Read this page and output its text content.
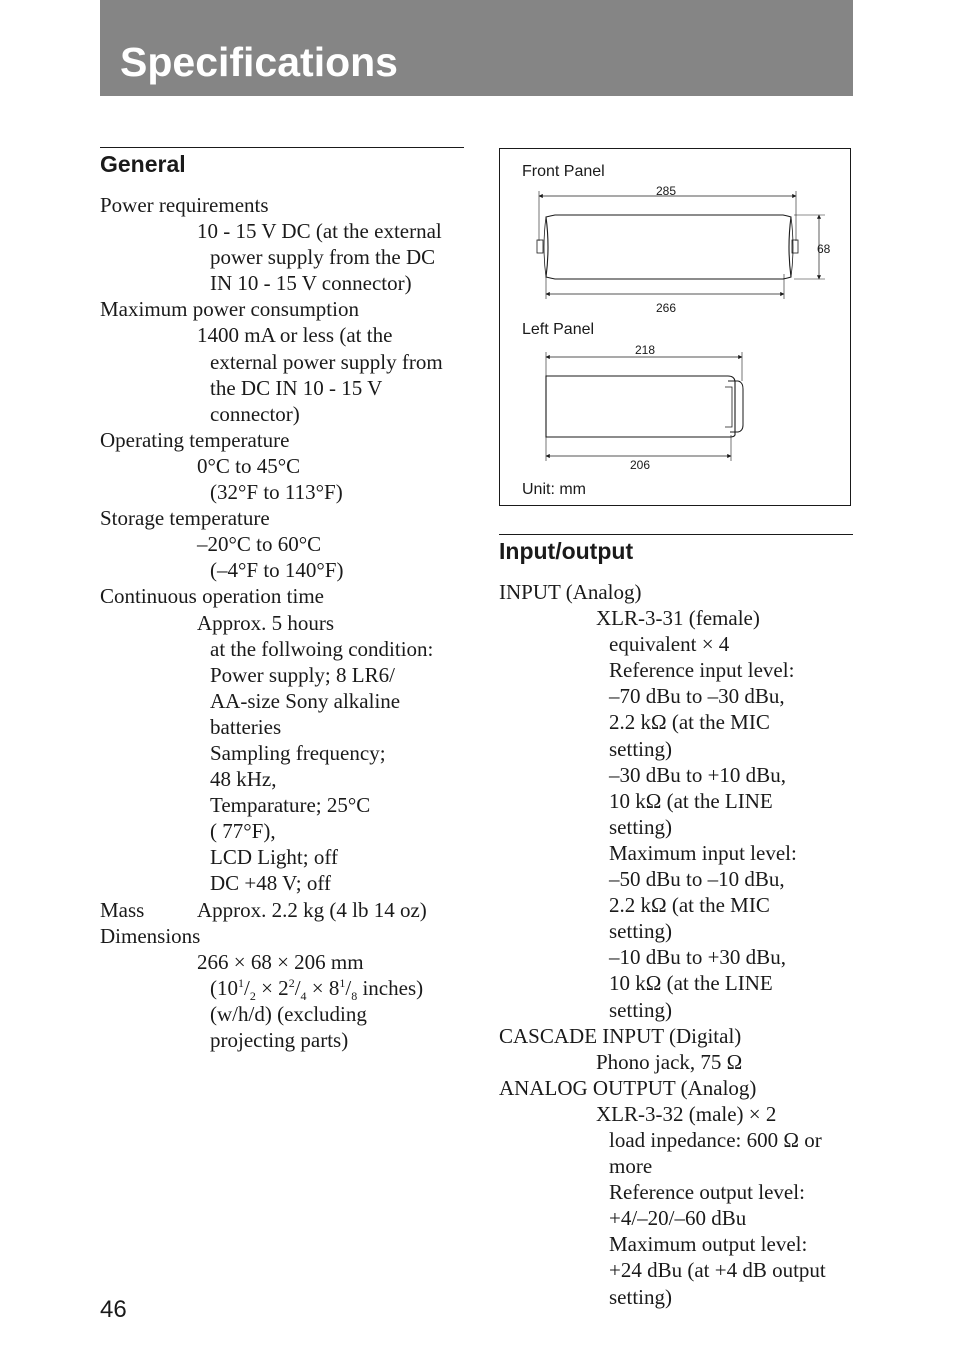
Specifications
General
Power requirements
10 - 15 V DC (at the external
power supply from the DC
IN 10 - 15 V connector)
Maximum power consumption
1400 mA or less (at the
external power supply from
the DC IN 10 - 15 V
connector)
Operating temperature
0°C to 45°C
(32°F to 113°F)
Storage temperature
–20°C to 60°C
(–4°F to 140°F)
Continuous operation time
Approx. 5 hours
at the follwoing condition:
Power supply; 8 LR6/
AA-size Sony alkaline
batteries
Sampling frequency;
48 kHz,
Temparature; 25°C
( 77°F),
LCD Light; off
DC +48 V; off
Mass	Approx. 2.2 kg (4 lb 14 oz)
Dimensions
266 × 68 × 206 mm
($10^1/_2 \times 2^2/_4 \times 8^1/_8$ inches)
(w/h/d) (excluding
projecting parts)
Front Panel
285
68
266
Left Panel
218
206
Unit: mm
Input/output
INPUT (Analog)
XLR-3-31 (female)
equivalent × 4
Reference input level:
–70 dBu to –30 dBu,
2.2 kΩ (at the MIC
setting)
–30 dBu to +10 dBu,
10 kΩ (at the LINE
setting)
Maximum input level:
–50 dBu to –10 dBu,
2.2 kΩ (at the MIC
setting)
–10 dBu to +30 dBu,
10 kΩ (at the LINE
setting)
CASCADE INPUT (Digital)
Phono jack, 75 Ω
ANALOG OUTPUT (Analog)
XLR-3-32 (male) × 2
load inpedance: 600 Ω or
more
Reference output level:
+4/–20/–60 dBu
Maximum output level:
+24 dBu (at +4 dB output
setting)
46
